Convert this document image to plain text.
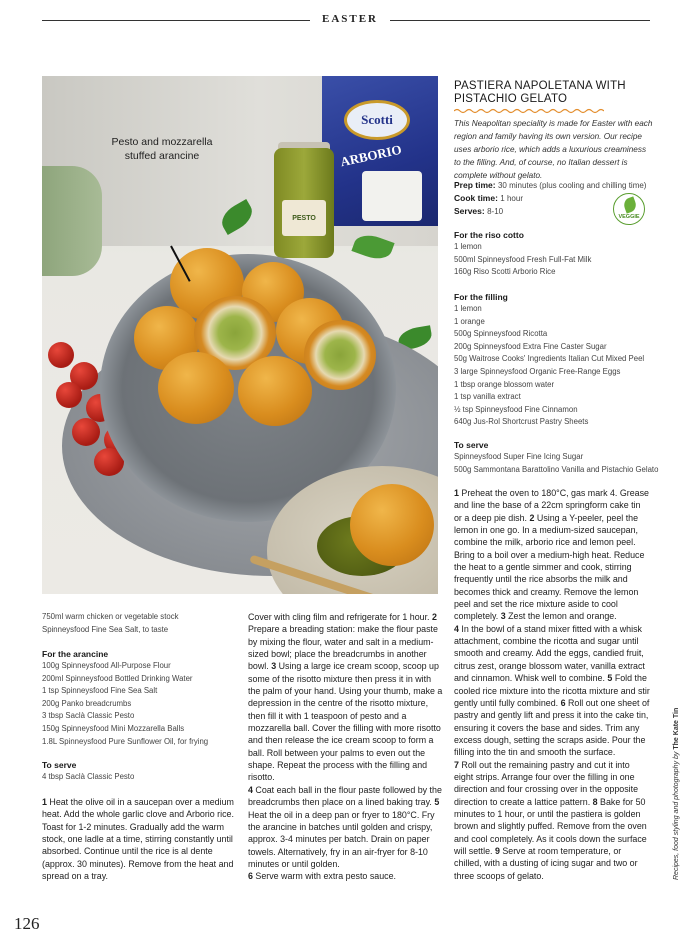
EASTER
Scotti
ARBORIO
PESTO
Pesto and mozzarella stuffed arancine
PASTIERA NAPOLETANA WITH PISTACHIO GELATO
This Neapolitan speciality is made for Easter with each region and family having its own version. Our recipe uses arborio rice, which adds a luxurious creaminess to the filling. And, of course, no Italian dessert is complete without gelato.
Prep time: 30 minutes (plus cooling and chilling time)
Cook time: 1 hour
Serves: 8-10
VEGGIE
For the riso cotto
1 lemon
500ml Spinneysfood Fresh Full-Fat Milk
160g Riso Scotti Arborio Rice
For the filling
1 lemon
1 orange
500g Spinneysfood Ricotta
200g Spinneysfood Extra Fine Caster Sugar
50g Waitrose Cooks' Ingredients Italian Cut Mixed Peel
3 large Spinneysfood Organic Free-Range Eggs
1 tbsp orange blossom water
1 tsp vanilla extract
½ tsp Spinneysfood Fine Cinnamon
640g Jus-Rol Shortcrust Pastry Sheets
To serve
Spinneysfood Super Fine Icing Sugar
500g Sammontana Barattolino Vanilla and Pistachio Gelato
1 Preheat the oven to 180°C, gas mark 4. Grease and line the base of a 22cm springform cake tin or a deep pie dish. 2 Using a Y-peeler, peel the lemon in one go. In a medium-sized saucepan, combine the milk, arborio rice and lemon peel. Bring to a boil over a medium-high heat. Reduce the heat to a gentle simmer and cook, stirring frequently until the rice absorbs the milk and becomes thick and creamy. Remove the lemon peel and set the rice mixture aside to cool completely. 3 Zest the lemon and orange.
4 In the bowl of a stand mixer fitted with a whisk attachment, combine the ricotta and sugar until smooth and creamy. Add the eggs, candied fruit, citrus zest, orange blossom water, vanilla extract and cinnamon. Whisk well to combine. 5 Fold the cooled rice mixture into the ricotta mixture and stir gently until fully combined. 6 Roll out one sheet of pastry and gently lift and press it into the cake tin, ensuring it covers the base and sides. Trim any excess dough, setting the scraps aside. Pour the filling into the tin and smooth the surface.
7 Roll out the remaining pastry and cut it into eight strips. Arrange four over the filling in one direction and four crossing over in the opposite direction to create a lattice pattern. 8 Bake for 50 minutes to 1 hour, or until the pastiera is golden brown and slightly puffed. Remove from the oven and cool completely. As it cools down the surface will settle. 9 Serve at room temperature, or chilled, with a dusting of icing sugar and two or three scoops of gelato.
750ml warm chicken or vegetable stock
Spinneysfood Fine Sea Salt, to taste
For the arancine
100g Spinneysfood All-Purpose Flour
200ml Spinneysfood Bottled Drinking Water
1 tsp Spinneysfood Fine Sea Salt
200g Panko breadcrumbs
3 tbsp Saclà Classic Pesto
150g Spinneysfood Mini Mozzarella Balls
1.8L Spinneysfood Pure Sunflower Oil, for frying
To serve
4 tbsp Saclà Classic Pesto
1 Heat the olive oil in a saucepan over a medium heat. Add the whole garlic clove and Arborio rice. Toast for 1-2 minutes. Gradually add the warm stock, one ladle at a time, stirring constantly until absorbed. Continue until the rice is al dente (approx. 30 minutes). Remove from the heat and spread on a tray.
Cover with cling film and refrigerate for 1 hour. 2 Prepare a breading station: make the flour paste by mixing the flour, water and salt in a medium-sized bowl; place the breadcrumbs in another bowl. 3 Using a large ice cream scoop, scoop up some of the risotto mixture then press it in with the palm of your hand. Using your thumb, make a depression in the centre of the risotto mixture, then fill it with 1 teaspoon of pesto and a mozzarella ball. Cover the filling with more risotto and then release the ice cream scoop to form a ball. Roll between your palms to even out the shape. Repeat the process with the filling and risotto.
4 Coat each ball in the flour paste followed by the breadcrumbs then place on a lined baking tray. 5 Heat the oil in a deep pan or fryer to 180°C. Fry the arancine in batches until golden and crispy, approx. 3-4 minutes per batch. Drain on paper towels. Alternatively, fry in an air-fryer for 8-10 minutes or until golden.
6 Serve warm with extra pesto sauce.	Recipes, food styling and photography by The Kate Tin
126
